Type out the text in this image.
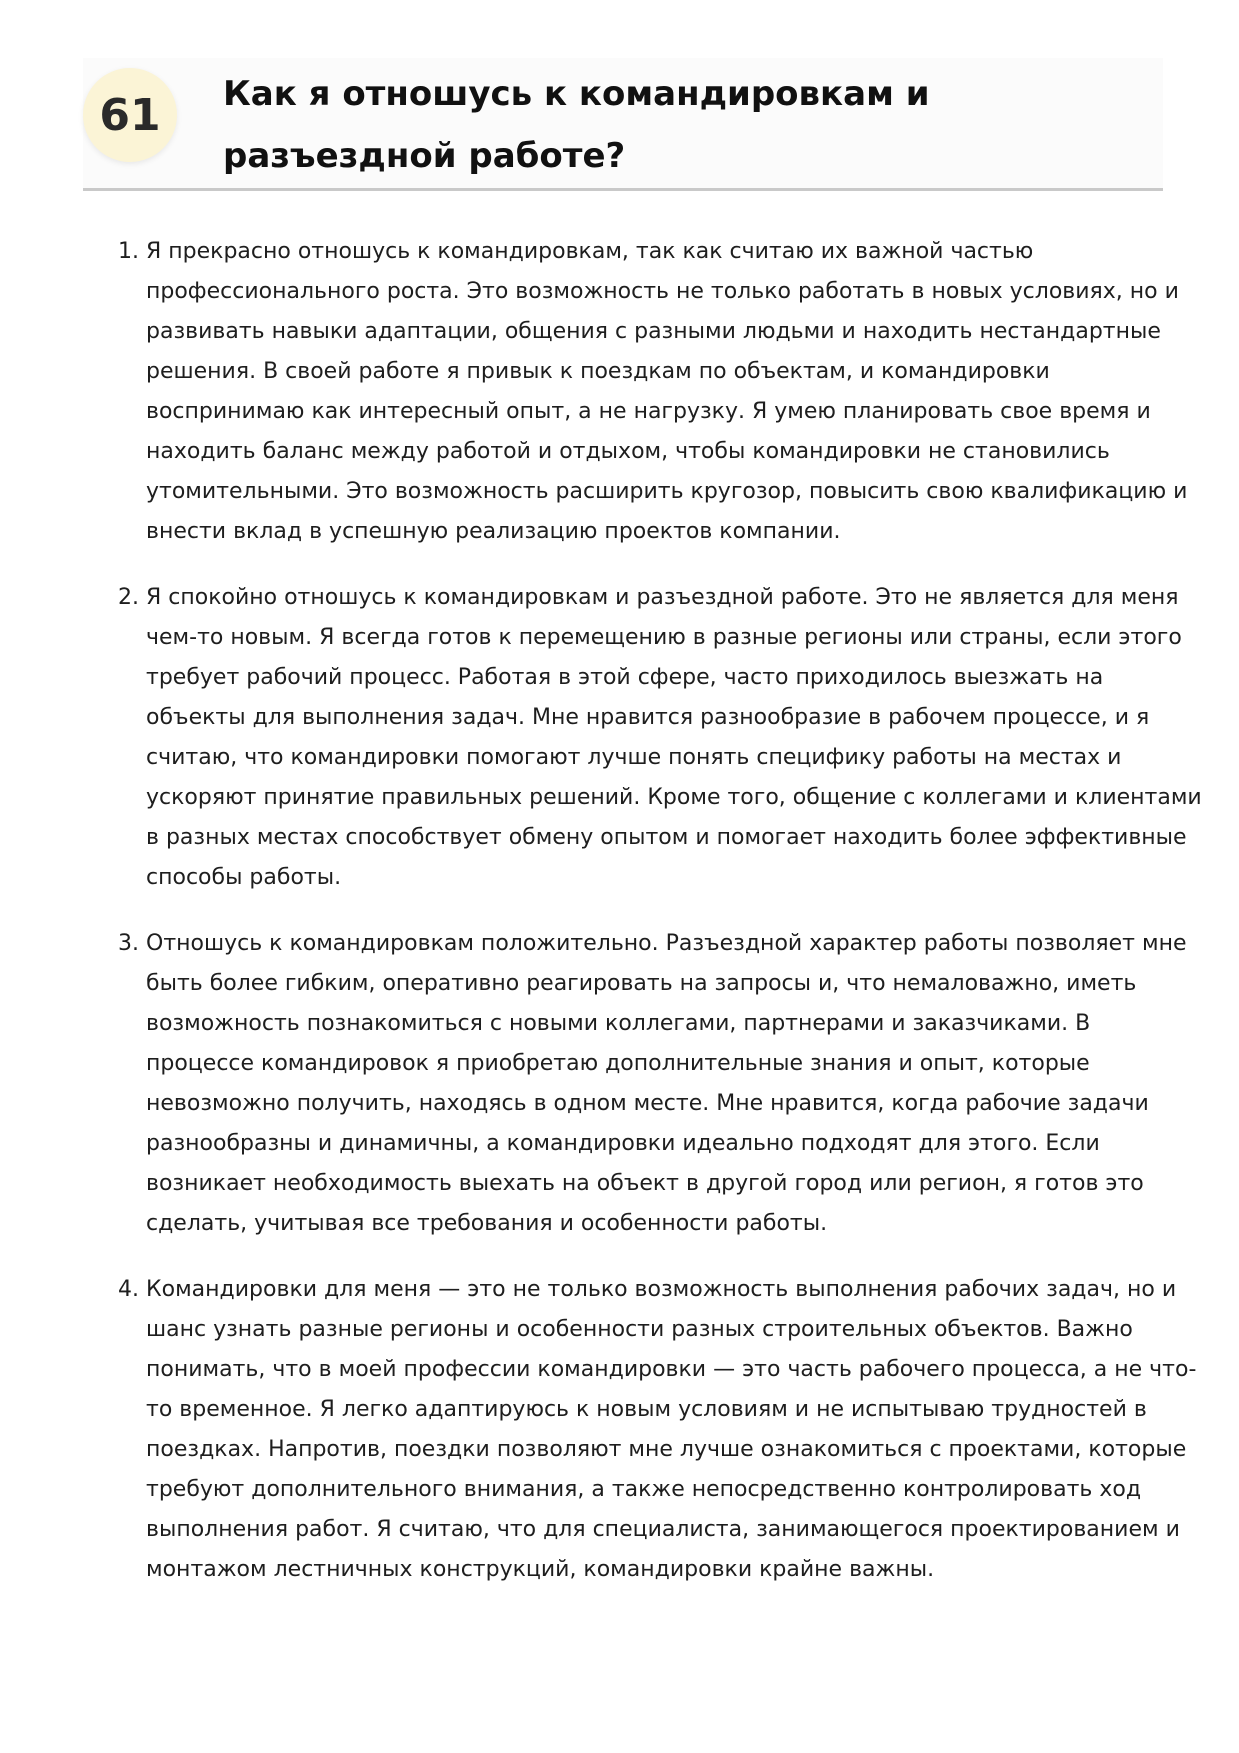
61	Как я отношусь к командировкам и разъездной работе?
1. Я прекрасно отношусь к командировкам, так как считаю их важной частью профессионального роста. Это возможность не только работать в новых условиях, но и развивать навыки адаптации, общения с разными людьми и находить нестандартные решения. В своей работе я привык к поездкам по объектам, и командировки воспринимаю как интересный опыт, а не нагрузку. Я умею планировать свое время и находить баланс между работой и отдыхом, чтобы командировки не становились утомительными. Это возможность расширить кругозор, повысить свою квалификацию и внести вклад в успешную реализацию проектов компании.
2. Я спокойно отношусь к командировкам и разъездной работе. Это не является для меня чем-то новым. Я всегда готов к перемещению в разные регионы или страны, если этого требует рабочий процесс. Работая в этой сфере, часто приходилось выезжать на объекты для выполнения задач. Мне нравится разнообразие в рабочем процессе, и я считаю, что командировки помогают лучше понять специфику работы на местах и ускоряют принятие правильных решений. Кроме того, общение с коллегами и клиентами в разных местах способствует обмену опытом и помогает находить более эффективные способы работы.
3. Отношусь к командировкам положительно. Разъездной характер работы позволяет мне быть более гибким, оперативно реагировать на запросы и, что немаловажно, иметь возможность познакомиться с новыми коллегами, партнерами и заказчиками. В процессе командировок я приобретаю дополнительные знания и опыт, которые невозможно получить, находясь в одном месте. Мне нравится, когда рабочие задачи разнообразны и динамичны, а командировки идеально подходят для этого. Если возникает необходимость выехать на объект в другой город или регион, я готов это сделать, учитывая все требования и особенности работы.
4. Командировки для меня — это не только возможность выполнения рабочих задач, но и шанс узнать разные регионы и особенности разных строительных объектов. Важно понимать, что в моей профессии командировки — это часть рабочего процесса, а не что-то временное. Я легко адаптируюсь к новым условиям и не испытываю трудностей в поездках. Напротив, поездки позволяют мне лучше ознакомиться с проектами, которые требуют дополнительного внимания, а также непосредственно контролировать ход выполнения работ. Я считаю, что для специалиста, занимающегося проектированием и монтажом лестничных конструкций, командировки крайне важны.
